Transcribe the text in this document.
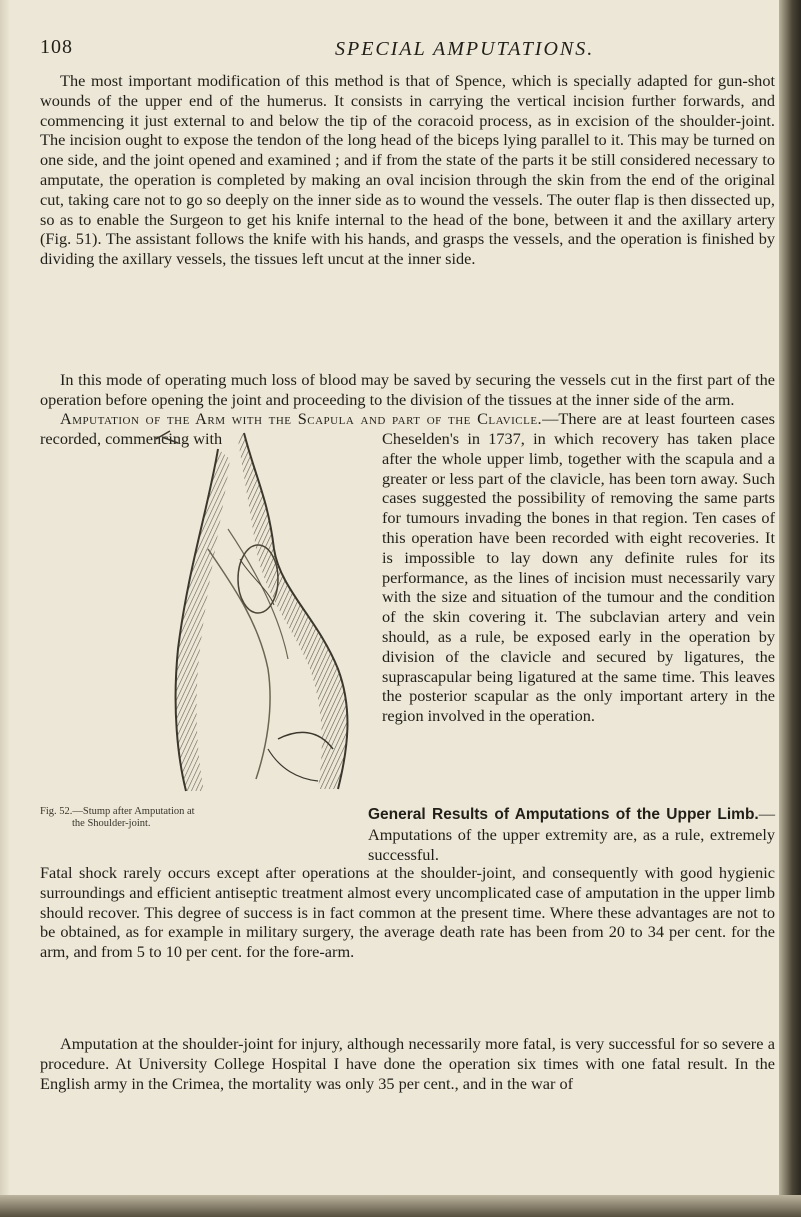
108	SPECIAL AMPUTATIONS.

The most important modification of this method is that of Spence, which is specially adapted for gun-shot wounds of the upper end of the humerus. It consists in carrying the vertical incision further forwards, and commencing it just external to and below the tip of the coracoid process, as in excision of the shoulder-joint. The incision ought to expose the tendon of the long head of the biceps lying parallel to it. This may be turned on one side, and the joint opened and examined ; and if from the state of the parts it be still considered necessary to amputate, the operation is completed by making an oval incision through the skin from the end of the original cut, taking care not to go so deeply on the inner side as to wound the vessels. The outer flap is then dissected up, so as to enable the Surgeon to get his knife internal to the head of the bone, between it and the axillary artery (Fig. 51). The assistant follows the knife with his hands, and grasps the vessels, and the operation is finished by dividing the axillary vessels, the tissues left uncut at the inner side.

In this mode of operating much loss of blood may be saved by securing the vessels cut in the first part of the operation before opening the joint and proceeding to the division of the tissues at the inner side of the arm.

Amputation of the Arm with the Scapula and part of the Clavicle.—There are at least fourteen cases recorded, commencing with	Cheselden's in 1737, in which recovery has taken place after the whole upper limb, together with the scapula and a greater or less part of the clavicle, has been torn away. Such cases suggested the possibility of removing the same parts for tumours invading the bones in that region. Ten cases of this operation have been recorded with eight recoveries. It is impossible to lay down any definite rules for its performance, as the lines of incision must necessarily vary with the size and situation of the tumour and the condition of the skin covering it. The subclavian artery and vein should, as a rule, be exposed early in the operation by division of the clavicle and secured by ligatures, the suprascapular being ligatured at the same time. This leaves the posterior scapular as the only important artery in the region involved in the operation.

Fig. 52.—Stump after Amputation at
the Shoulder-joint.
General Results of Amputations of the Upper Limb.—Amputations of the upper extremity are, as a rule, extremely successful.
Fatal shock rarely occurs except after operations at the shoulder-joint, and consequently with good hygienic surroundings and efficient antiseptic treatment almost every uncomplicated case of amputation in the upper limb should recover. This degree of success is in fact common at the present time. Where these advantages are not to be obtained, as for example in military surgery, the average death rate has been from 20 to 34 per cent. for the arm, and from 5 to 10 per cent. for the fore-arm.

Amputation at the shoulder-joint for injury, although necessarily more fatal, is very successful for so severe a procedure. At University College Hospital I have done the operation six times with one fatal result. In the English army in the Crimea, the mortality was only 35 per cent., and in the war of
